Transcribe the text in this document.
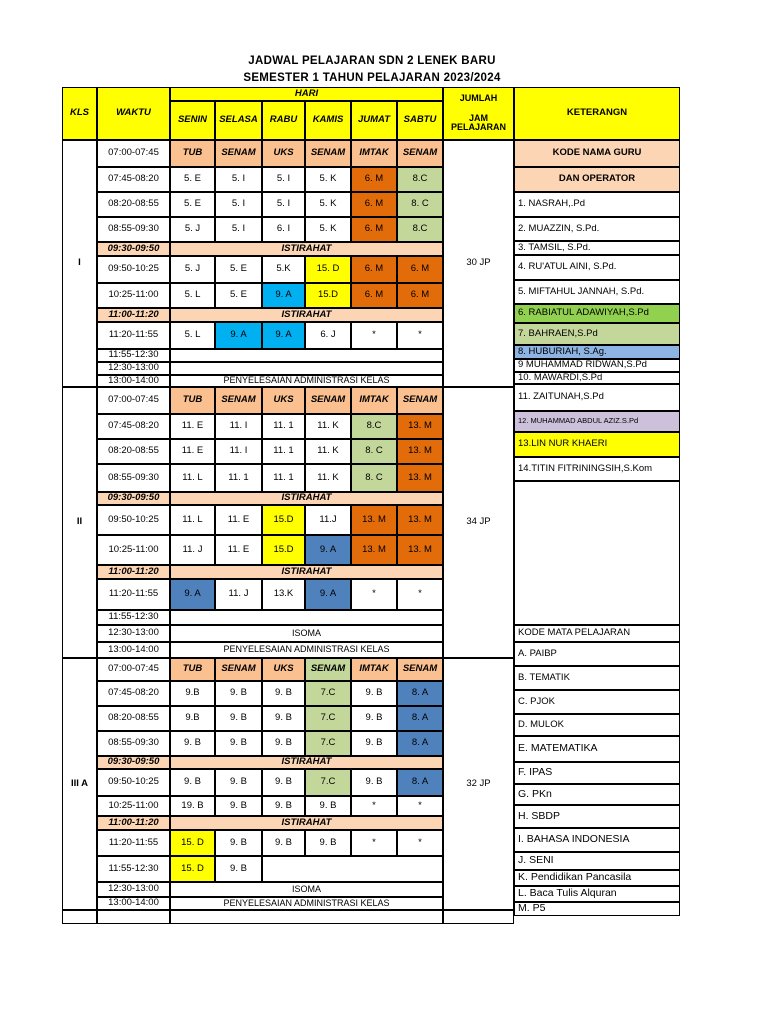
JADWAL PELAJARAN SDN 2 LENEK BARU
SEMESTER 1 TAHUN PELAJARAN 2023/2024
KLS	WAKTU
HARI
SENIN	SELASA	RABU	KAMIS	JUMAT	SABTU
JUMLAH
JAM PELAJARAN
KETERANGN
I	30 JP
07:00-07:45	TUB	SENAM	UKS	SENAM	IMTAK	SENAM
07:45-08:20	5. E	5. I	5. I	5. K	6. M	8.C
08:20-08:55	5. E	5. I	5. I	5. K	6. M	8. C
08:55-09:30	5. J	5. I	6. I	5. K	6. M	8.C
09:30-09:50	ISTIRAHAT
09:50-10:25	5. J	5. E	5.K	15. D	6. M	6. M
10:25-11:00	5. L	5. E	9. A	15.D	6. M	6. M
11:00-11:20	ISTIRAHAT
11:20-11:55	5. L	9. A	9. A	6. J	*	*
11:55-12:30
12:30-13:00
13:00-14:00	PENYELESAIAN ADMINISTRASI KELAS
II	34 JP
07:00-07:45	TUB	SENAM	UKS	SENAM	IMTAK	SENAM
07:45-08:20	11. E	11. I	11. 1	11. K	8.C	13. M
08:20-08:55	11. E	11. I	11. 1	11. K	8. C	13. M
08:55-09:30	11. L	11. 1	11. 1	11. K	8. C	13. M
09:30-09:50	ISTIRAHAT
09:50-10:25	11. L	11. E	15.D	11.J	13. M	13. M
10:25-11:00	11. J	11. E	15.D	9. A	13. M	13. M
11:00-11:20	ISTIRAHAT
11:20-11:55	9. A	11. J	13.K	9. A	*	*
11:55-12:30
12:30-13:00	ISOMA
13:00-14:00	PENYELESAIAN ADMINISTRASI KELAS
III A	32 JP
07:00-07:45	TUB	SENAM	UKS	SENAM	IMTAK	SENAM
07:45-08:20	9.B	9. B	9. B	7.C	9. B	8. A
08:20-08:55	9.B	9. B	9. B	7.C	9. B	8. A
08:55-09:30	9. B	9. B	9. B	7.C	9. B	8. A
09:30-09:50	ISTIRAHAT
09:50-10:25	9. B	9. B	9. B	7.C	9. B	8. A
10:25-11:00	19. B	9. B	9. B	9. B	*	*
11:00-11:20	ISTIRAHAT
11:20-11:55	15. D	9. B	9. B	9. B	*	*
11:55-12:30	15. D	9. B
12:30-13:00	ISOMA
13:00-14:00	PENYELESAIAN ADMINISTRASI KELAS
KODE NAMA GURU
DAN OPERATOR
1. NASRAH,.Pd
2. MUAZZIN, S.Pd.
3. TAMSIL, S.Pd.
4. RU'ATUL AINI, S.Pd.
5. MIFTAHUL JANNAH, S.Pd.
6. RABIATUL ADAWIYAH,S.Pd
7. BAHRAEN,S.Pd
8. HUBURIAH, S.Ag.
9 MUHAMMAD RIDWAN,S.Pd
10. MAWARDI,S.Pd
11. ZAITUNAH,S.Pd
12. MUHAMMAD ABDUL AZIZ.S.Pd
13.LIN NUR KHAERI
14.TITIN FITRININGSIH,S.Kom
KODE MATA PELAJARAN
A. PAIBP
B. TEMATIK
C. PJOK
D. MULOK
E. MATEMATIKA
F. IPAS
G. PKn
H. SBDP
I. BAHASA INDONESIA
J. SENI
K. Pendidikan Pancasila
L. Baca Tulis Alquran
M. P5
